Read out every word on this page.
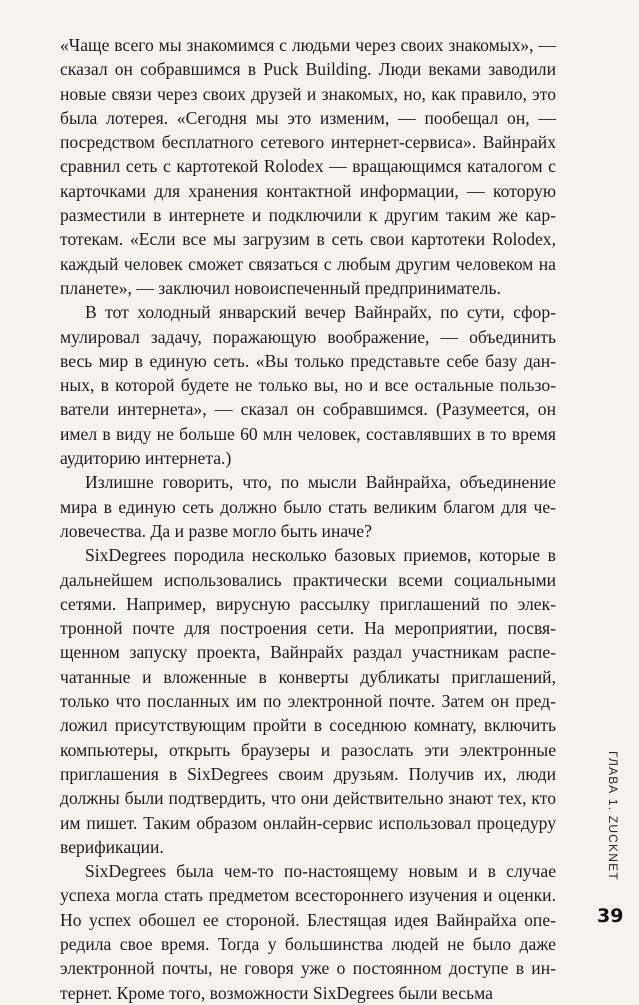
«Чаще всего мы знакомимся с людьми через своих знакомых», — сказал он собравшимся в Puck Building. Люди веками заводили новые связи через своих друзей и знакомых, но, как правило, это была лотерея. «Сегодня мы это изменим, — пообещал он, — посредством бесплатного сетевого интернет-сервиса». Вайнрайх сравнил сеть с картотекой Rolodex — вращающимся каталогом с карточками для хранения контактной информации, — которую разместили в интернете и подключили к другим таким же картотекам. «Если все мы загрузим в сеть свои картотеки Rolodex, каждый человек сможет связаться с любым другим человеком на планете», — заключил новоиспеченный предприниматель.

В тот холодный январский вечер Вайнрайх, по сути, сформулировал задачу, поражающую воображение, — объединить весь мир в единую сеть. «Вы только представьте себе базу данных, в которой будете не только вы, но и все остальные пользователи интернета», — сказал он собравшимся. (Разумеется, он имел в виду не больше 60 млн человек, составлявших в то время аудиторию интернета.)

Излишне говорить, что, по мысли Вайнрайха, объединение мира в единую сеть должно было стать великим благом для человечества. Да и разве могло быть иначе?

SixDegrees породила несколько базовых приемов, которые в дальнейшем использовались практически всеми социальными сетями. Например, вирусную рассылку приглашений по электронной почте для построения сети. На мероприятии, посвященном запуску проекта, Вайнрайх раздал участникам распечатанные и вложенные в конверты дубликаты приглашений, только что посланных им по электронной почте. Затем он предложил присутствующим пройти в соседнюю комнату, включить компьютеры, открыть браузеры и разослать эти электронные приглашения в SixDegrees своим друзьям. Получив их, люди должны были подтвердить, что они действительно знают тех, кто им пишет. Таким образом онлайн-сервис использовал процедуру верификации.

SixDegrees была чем-то по-настоящему новым и в случае успеха могла стать предметом всестороннего изучения и оценки. Но успех обошел ее стороной. Блестящая идея Вайнрайха опередила свое время. Тогда у большинства людей не было даже электронной почты, не говоря уже о постоянном доступе в интернет. Кроме того, возможности SixDegrees были весьма

ГЛАВА 1. ZUCKNET
39
